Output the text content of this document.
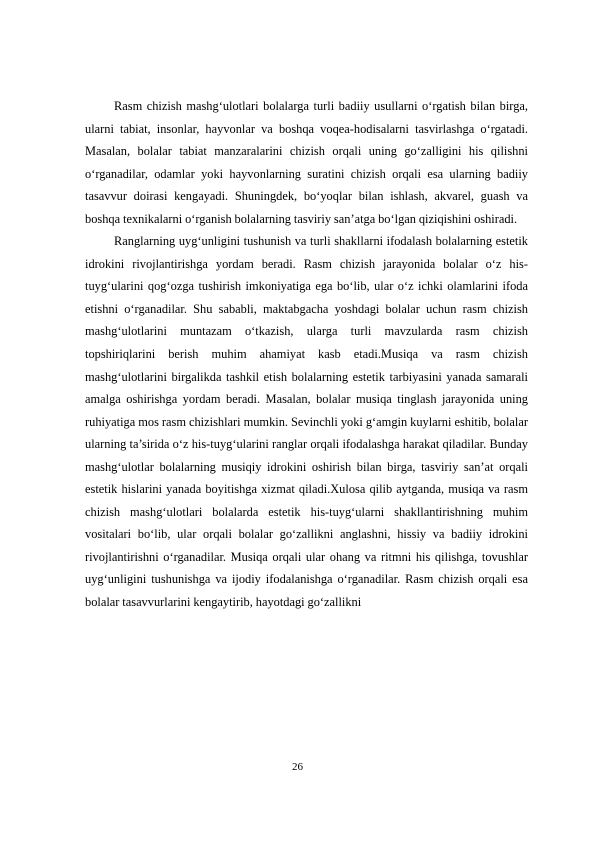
Rasm chizish mashg‘ulotlari bolalarga turli badiiy usullarni o‘rgatish bilan birga, ularni tabiat, insonlar, hayvonlar va boshqa voqea-hodisalarni tasvirlashga o‘rgatadi. Masalan, bolalar tabiat manzaralarini chizish orqali uning go‘zalligini his qilishni o‘rganadilar, odamlar yoki hayvonlarning suratini chizish orqali esa ularning badiiy tasavvur doirasi kengayadi. Shuningdek, bo‘yoqlar bilan ishlash, akvarel, guash va boshqa texnikalarni o‘rganish bolalarning tasviriy san’atga bo‘lgan qiziqishini oshiradi.

Ranglarning uyg‘unligini tushunish va turli shakllarni ifodalash bolalarning estetik idrokini rivojlantirishga yordam beradi. Rasm chizish jarayonida bolalar o‘z his-tuyg‘ularini qog‘ozga tushirish imkoniyatiga ega bo‘lib, ular o‘z ichki olamlarini ifoda etishni o‘rganadilar. Shu sababli, maktabgacha yoshdagi bolalar uchun rasm chizish mashg‘ulotlarini muntazam o‘tkazish, ularga turli mavzularda rasm chizish topshiriqlarini berish muhim ahamiyat kasb etadi.Musiqa va rasm chizish mashg‘ulotlarini birgalikda tashkil etish bolalarning estetik tarbiyasini yanada samarali amalga oshirishga yordam beradi. Masalan, bolalar musiqa tinglash jarayonida uning ruhiyatiga mos rasm chizishlari mumkin. Sevinchli yoki g‘amgin kuylarni eshitib, bolalar ularning ta’sirida o‘z his-tuyg‘ularini ranglar orqali ifodalashga harakat qiladilar. Bunday mashg‘ulotlar bolalarning musiqiy idrokini oshirish bilan birga, tasviriy san’at orqali estetik hislarini yanada boyitishga xizmat qiladi.Xulosa qilib aytganda, musiqa va rasm chizish mashg‘ulotlari bolalarda estetik his-tuyg‘ularni shakllantirishning muhim vositalari bo‘lib, ular orqali bolalar go‘zallikni anglashni, hissiy va badiiy idrokini rivojlantirishni o‘rganadilar. Musiqa orqali ular ohang va ritmni his qilishga, tovushlar uyg‘unligini tushunishga va ijodiy ifodalanishga o‘rganadilar. Rasm chizish orqali esa bolalar tasavvurlarini kengaytirib, hayotdagi go‘zallikni

26
